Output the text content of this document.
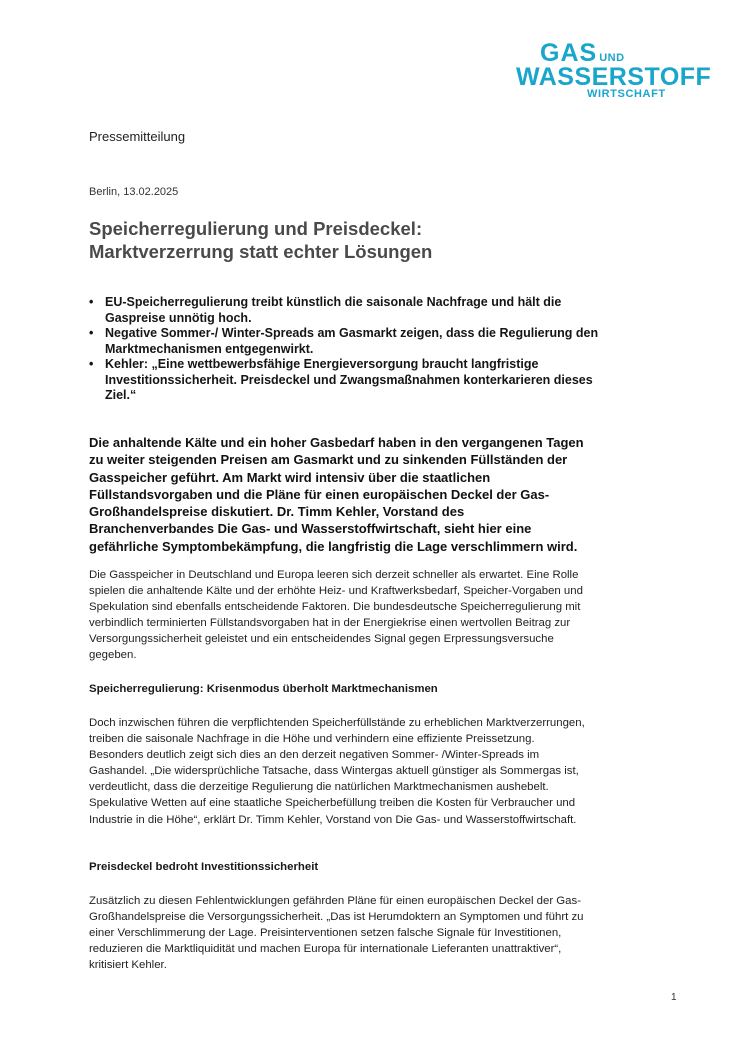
GAS UND
WASSERSTOFF
WIRTSCHAFT
Pressemitteilung
Berlin, 13.02.2025
Speicherregulierung und Preisdeckel:
Marktverzerrung statt echter Lösungen
• EU-Speicherregulierung treibt künstlich die saisonale Nachfrage und hält die Gaspreise unnötig hoch.
• Negative Sommer-/ Winter-Spreads am Gasmarkt zeigen, dass die Regulierung den Marktmechanismen entgegenwirkt.
• Kehler: „Eine wettbewerbsfähige Energieversorgung braucht langfristige Investitionssicherheit. Preisdeckel und Zwangsmaßnahmen konterkarieren dieses Ziel.“

Die anhaltende Kälte und ein hoher Gasbedarf haben in den vergangenen Tagen zu weiter steigenden Preisen am Gasmarkt und zu sinkenden Füllständen der Gasspeicher geführt. Am Markt wird intensiv über die staatlichen Füllstandsvorgaben und die Pläne für einen europäischen Deckel der Gas-Großhandelspreise diskutiert. Dr. Timm Kehler, Vorstand des Branchenverbandes Die Gas- und Wasserstoffwirtschaft, sieht hier eine gefährliche Symptombekämpfung, die langfristig die Lage verschlimmern wird.

Die Gasspeicher in Deutschland und Europa leeren sich derzeit schneller als erwartet. Eine Rolle spielen die anhaltende Kälte und der erhöhte Heiz- und Kraftwerksbedarf, Speicher-Vorgaben und Spekulation sind ebenfalls entscheidende Faktoren. Die bundesdeutsche Speicherregulierung mit verbindlich terminierten Füllstandsvorgaben hat in der Energiekrise einen wertvollen Beitrag zur Versorgungssicherheit geleistet und ein entscheidendes Signal gegen Erpressungsversuche gegeben.

Speicherregulierung: Krisenmodus überholt Marktmechanismen

Doch inzwischen führen die verpflichtenden Speicherfüllstände zu erheblichen Marktverzerrungen, treiben die saisonale Nachfrage in die Höhe und verhindern eine effiziente Preissetzung. Besonders deutlich zeigt sich dies an den derzeit negativen Sommer- /Winter-Spreads im Gashandel. „Die widersprüchliche Tatsache, dass Wintergas aktuell günstiger als Sommergas ist, verdeutlicht, dass die derzeitige Regulierung die natürlichen Marktmechanismen aushebelt. Spekulative Wetten auf eine staatliche Speicherbefüllung treiben die Kosten für Verbraucher und Industrie in die Höhe“, erklärt Dr. Timm Kehler, Vorstand von Die Gas- und Wasserstoffwirtschaft.

Preisdeckel bedroht Investitionssicherheit

Zusätzlich zu diesen Fehlentwicklungen gefährden Pläne für einen europäischen Deckel der Gas-Großhandelspreise die Versorgungssicherheit. „Das ist Herumdoktern an Symptomen und führt zu einer Verschlimmerung der Lage. Preisinterventionen setzen falsche Signale für Investitionen, reduzieren die Marktliquidität und machen Europa für internationale Lieferanten unattraktiver“, kritisiert Kehler.

1
